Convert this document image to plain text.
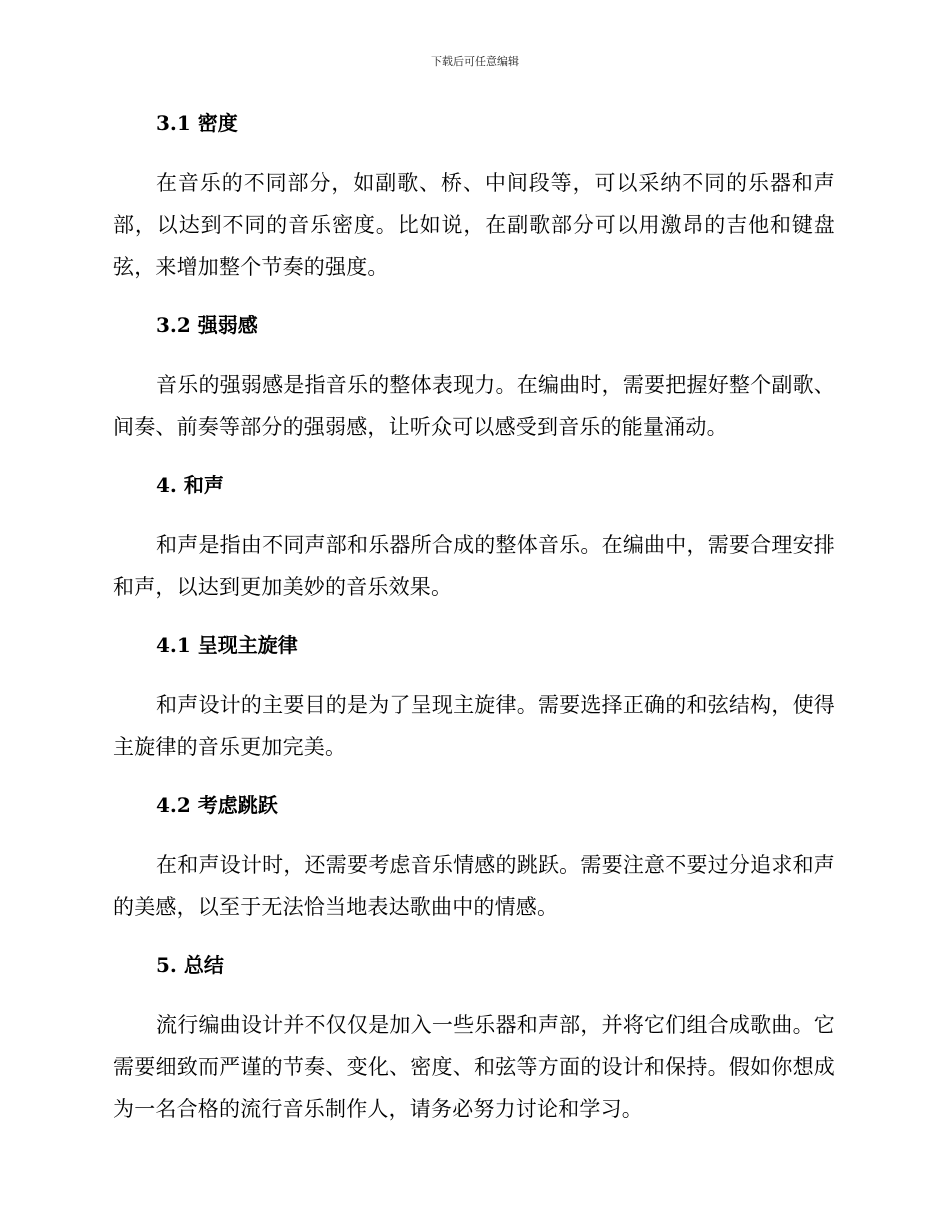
下载后可任意编辑
3.1 密度

在音乐的不同部分，如副歌、桥、中间段等，可以采纳不同的乐器和声部，以达到不同的音乐密度。比如说，在副歌部分可以用激昂的吉他和键盘弦，来增加整个节奏的强度。

3.2 强弱感

音乐的强弱感是指音乐的整体表现力。在编曲时，需要把握好整个副歌、间奏、前奏等部分的强弱感，让听众可以感受到音乐的能量涌动。

4. 和声

和声是指由不同声部和乐器所合成的整体音乐。在编曲中，需要合理安排和声，以达到更加美妙的音乐效果。

4.1 呈现主旋律

和声设计的主要目的是为了呈现主旋律。需要选择正确的和弦结构，使得主旋律的音乐更加完美。

4.2 考虑跳跃

在和声设计时，还需要考虑音乐情感的跳跃。需要注意不要过分追求和声的美感，以至于无法恰当地表达歌曲中的情感。

5. 总结

流行编曲设计并不仅仅是加入一些乐器和声部，并将它们组合成歌曲。它需要细致而严谨的节奏、变化、密度、和弦等方面的设计和保持。假如你想成为一名合格的流行音乐制作人，请务必努力讨论和学习。
